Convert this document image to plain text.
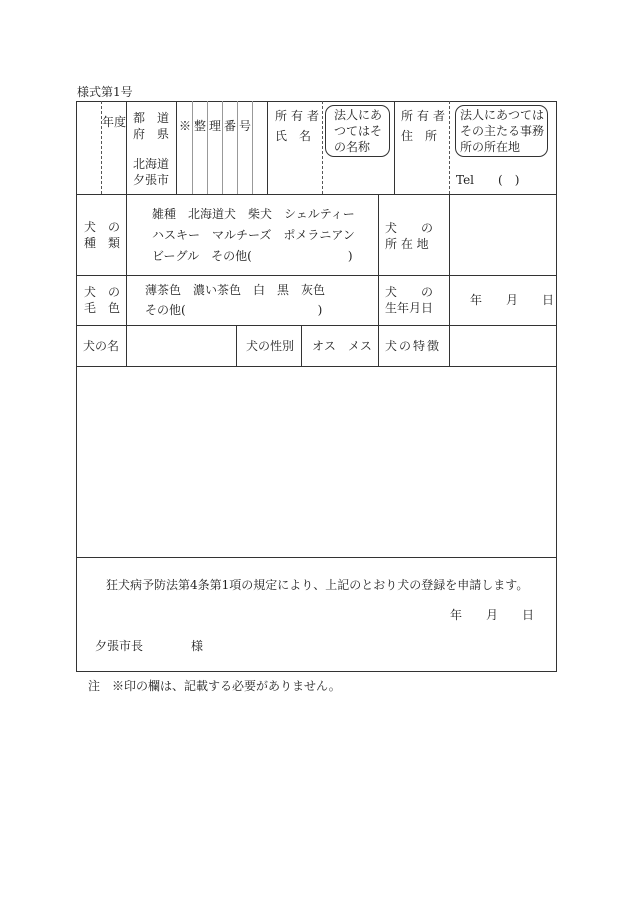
様式第1号
年度 都　道
府　県
北海道
夕張市
※整理番号
所有者
氏　名
法人にあ
つてはそ
の名称
所有者
住　所
法人にあつては
その主たる事務
所の所在地
Tel　　(　)
犬　の
種　類
雑種　北海道犬　柴犬　シェルティー
ハスキー　マルチーズ　ポメラニアン
ビーグル　その他(　　　　　　　　)
犬　　の
所 在 地
犬　の
毛　色
薄茶色　濃い茶色　白　黒　灰色
その他(　　　　　　　　　　　)
犬　　の
生年月日
年　　月　　日
犬の名	犬の性別 オス　メス 犬の特徴
狂犬病予防法第4条第1項の規定により、上記のとおり犬の登録を申請します。
年　　月　　日
夕張市長　　　　様
注　※印の欄は、記載する必要がありません。
